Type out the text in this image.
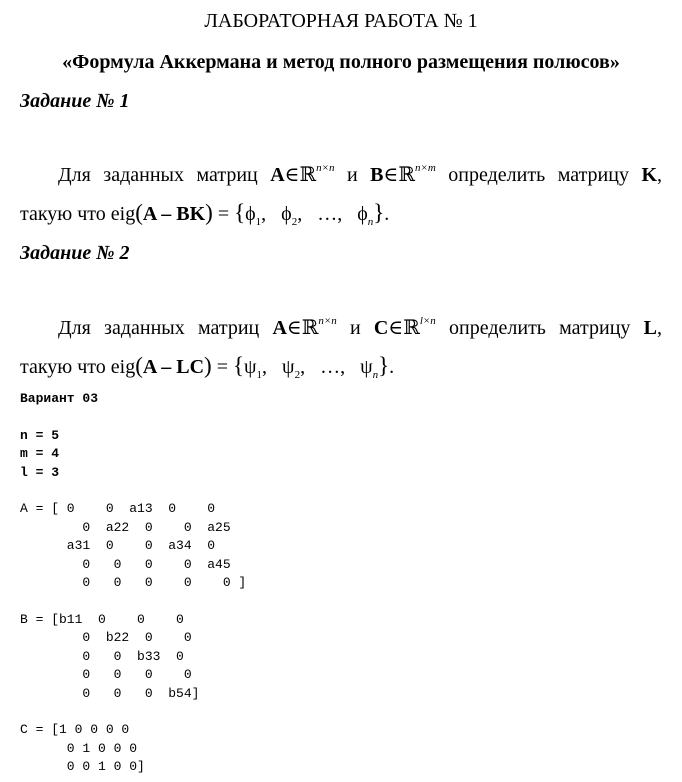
ЛАБОРАТОРНАЯ РАБОТА № 1
«Формула Аккермана и метод полного размещения полюсов»
Задание № 1
Для заданных матриц A∈ℝ$^{n\times n}$ и B∈ℝ$^{n\times m}$ определить матрицу K,
такую что $eig(A - BK) = \{\phi_1$,   $\phi_2$,   …, $\phi_n$}.
Задание № 2
Для заданных матриц A∈ℝ$^{n\times n}$ и C∈ℝ$^{l\times n}$ определить матрицу L,
такую что $eig(A - LC) = \{\psi_1$,   $\psi_2$,   …, $\psi_n$}.
Вариант 03

n = 5
m = 4
l = 3

A = [ 0    0  a13  0    0
0  a22  0    0  a25
a31  0    0  a34  0
0   0   0    0  a45
0   0   0    0    0 ]

B = [b11  0    0    0
0  b22  0    0
0   0  b33  0
0   0   0    0
0   0   0  b54]

C = [1 0 0 0 0
0 1 0 0 0
0 0 1 0 0]
